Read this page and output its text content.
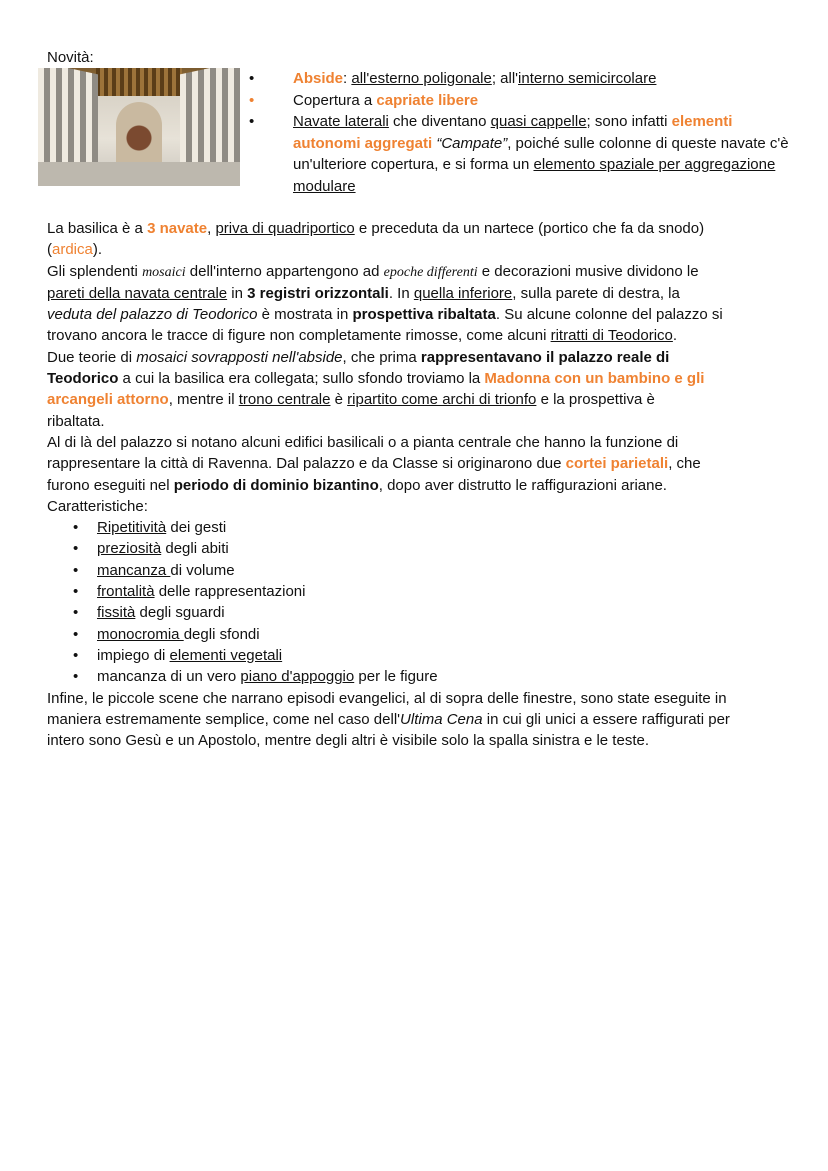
Novità:
•	Abside: all'esterno poligonale; all'interno semicircolare
•	Copertura a capriate libere
•	Navate laterali che diventano quasi cappelle; sono infatti elementi
autonomi aggregati “Campate”, poiché sulle colonne di queste navate c'è
un'ulteriore copertura, e si forma un elemento spaziale per aggregazione
modulare
La basilica è a 3 navate, priva di quadriportico e preceduta da un nartece (portico che fa da snodo)
(ardica).
Gli splendenti mosaici dell'interno appartengono ad epoche differenti e decorazioni musive dividono le
pareti della navata centrale in 3 registri orizzontali. In quella inferiore, sulla parete di destra, la
veduta del palazzo di Teodorico è mostrata in prospettiva ribaltata. Su alcune colonne del palazzo si
trovano ancora le tracce di figure non completamente rimosse, come alcuni ritratti di Teodorico.
Due teorie di mosaici sovrapposti nell'abside, che prima rappresentavano il palazzo reale di
Teodorico a cui la basilica era collegata; sullo sfondo troviamo la Madonna con un bambino e gli
arcangeli attorno, mentre il trono centrale è ripartito come archi di trionfo e la prospettiva è
ribaltata.
Al di là del palazzo si notano alcuni edifici basilicali o a pianta centrale che hanno la funzione di
rappresentare la città di Ravenna. Dal palazzo e da Classe si originarono due cortei parietali, che
furono eseguiti nel periodo di dominio bizantino, dopo aver distrutto le raffigurazioni ariane.
Caratteristiche:
• Ripetitività dei gesti
• preziosità degli abiti
• mancanza di volume
• frontalità delle rappresentazioni
• fissità degli sguardi
• monocromia degli sfondi
• impiego di elementi vegetali
• mancanza di un vero piano d'appoggio per le figure
Infine, le piccole scene che narrano episodi evangelici, al di sopra delle finestre, sono state eseguite in
maniera estremamente semplice, come nel caso dell'Ultima Cena in cui gli unici a essere raffigurati per
intero sono Gesù e un Apostolo, mentre degli altri è visibile solo la spalla sinistra e le teste.
